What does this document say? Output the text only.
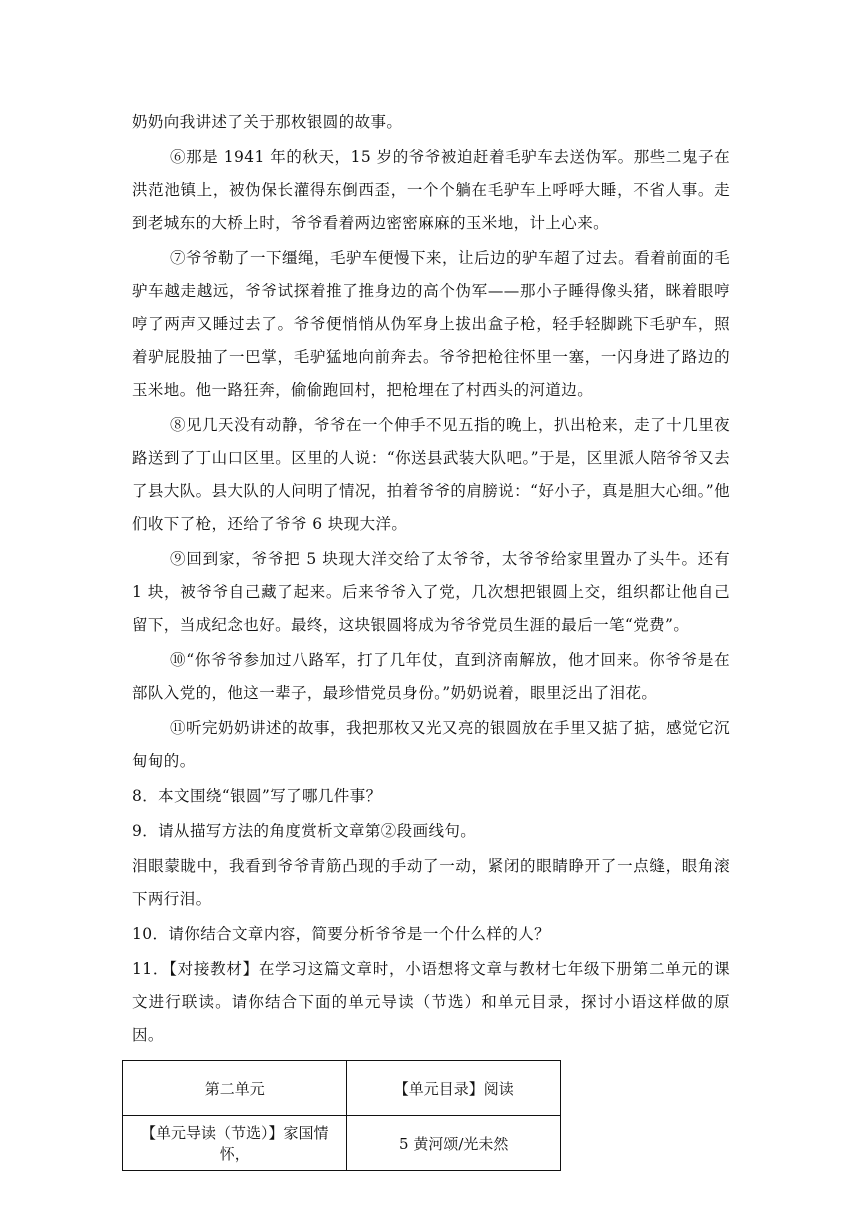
奶奶向我讲述了关于那枚银圆的故事。

⑥那是 1941 年的秋天，15 岁的爷爷被迫赶着毛驴车去送伪军。那些二鬼子在洪范池镇上，被伪保长灌得东倒西歪，一个个躺在毛驴车上呼呼大睡，不省人事。走到老城东的大桥上时，爷爷看着两边密密麻麻的玉米地，计上心来。

⑦爷爷勒了一下缰绳，毛驴车便慢下来，让后边的驴车超了过去。看着前面的毛驴车越走越远，爷爷试探着推了推身边的高个伪军——那小子睡得像头猪，眯着眼哼哼了两声又睡过去了。爷爷便悄悄从伪军身上拔出盒子枪，轻手轻脚跳下毛驴车，照着驴屁股抽了一巴掌，毛驴猛地向前奔去。爷爷把枪往怀里一塞，一闪身进了路边的玉米地。他一路狂奔，偷偷跑回村，把枪埋在了村西头的河道边。

⑧见几天没有动静，爷爷在一个伸手不见五指的晚上，扒出枪来，走了十几里夜路送到了丁山口区里。区里的人说：“你送县武装大队吧。”于是，区里派人陪爷爷又去了县大队。县大队的人问明了情况，拍着爷爷的肩膀说：“好小子，真是胆大心细。”他们收下了枪，还给了爷爷 6 块现大洋。

⑨回到家，爷爷把 5 块现大洋交给了太爷爷，太爷爷给家里置办了头牛。还有 1 块，被爷爷自己藏了起来。后来爷爷入了党，几次想把银圆上交，组织都让他自己留下，当成纪念也好。最终，这块银圆将成为爷爷党员生涯的最后一笔“党费”。

⑩“你爷爷参加过八路军，打了几年仗，直到济南解放，他才回来。你爷爷是在部队入党的，他这一辈子，最珍惜党员身份。”奶奶说着，眼里泛出了泪花。

⑪听完奶奶讲述的故事，我把那枚又光又亮的银圆放在手里又掂了掂，感觉它沉甸甸的。

8．本文围绕“银圆”写了哪几件事？

9．请从描写方法的角度赏析文章第②段画线句。

泪眼蒙眬中，我看到爷爷青筋凸现的手动了一动，紧闭的眼睛睁开了一点缝，眼角滚下两行泪。

10．请你结合文章内容，简要分析爷爷是一个什么样的人？

11．【对接教材】在学习这篇文章时，小语想将文章与教材七年级下册第二单元的课文进行联读。请你结合下面的单元导读（节选）和单元目录，探讨小语这样做的原因。

第二单元	【单元目录】阅读
【单元导读（节选）】家国情怀，	5 黄河颂/光未然
